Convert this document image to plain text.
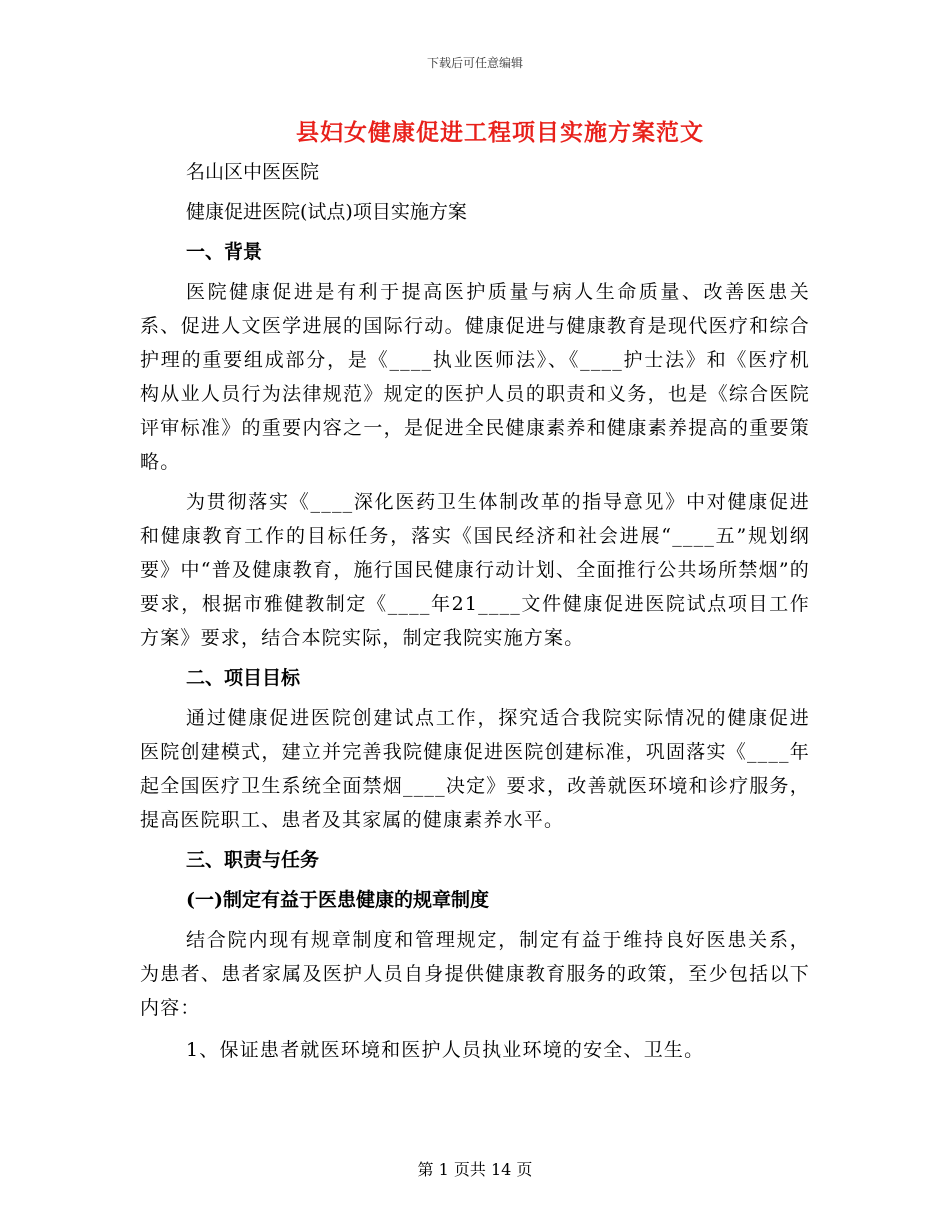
下载后可任意编辑
县妇女健康促进工程项目实施方案范文

名山区中医医院

健康促进医院(试点)项目实施方案

一、背景

医院健康促进是有利于提高医护质量与病人生命质量、改善医患关系、促进人文医学进展的国际行动。健康促进与健康教育是现代医疗和综合护理的重要组成部分，是《____执业医师法》、《____护士法》和《医疗机构从业人员行为法律规范》规定的医护人员的职责和义务，也是《综合医院评审标准》的重要内容之一，是促进全民健康素养和健康素养提高的重要策略。

为贯彻落实《____深化医药卫生体制改革的指导意见》中对健康促进和健康教育工作的目标任务，落实《国民经济和社会进展“____五”规划纲要》中“普及健康教育，施行国民健康行动计划、全面推行公共场所禁烟”的要求，根据市雅健教制定《____年21____文件健康促进医院试点项目工作方案》要求，结合本院实际，制定我院实施方案。

二、项目目标

通过健康促进医院创建试点工作，探究适合我院实际情况的健康促进医院创建模式，建立并完善我院健康促进医院创建标准，巩固落实《____年起全国医疗卫生系统全面禁烟____决定》要求，改善就医环境和诊疗服务，提高医院职工、患者及其家属的健康素养水平。

三、职责与任务

(一)制定有益于医患健康的规章制度

结合院内现有规章制度和管理规定，制定有益于维持良好医患关系，为患者、患者家属及医护人员自身提供健康教育服务的政策，至少包括以下内容：

1、保证患者就医环境和医护人员执业环境的安全、卫生。

第 1 页共 14 页
